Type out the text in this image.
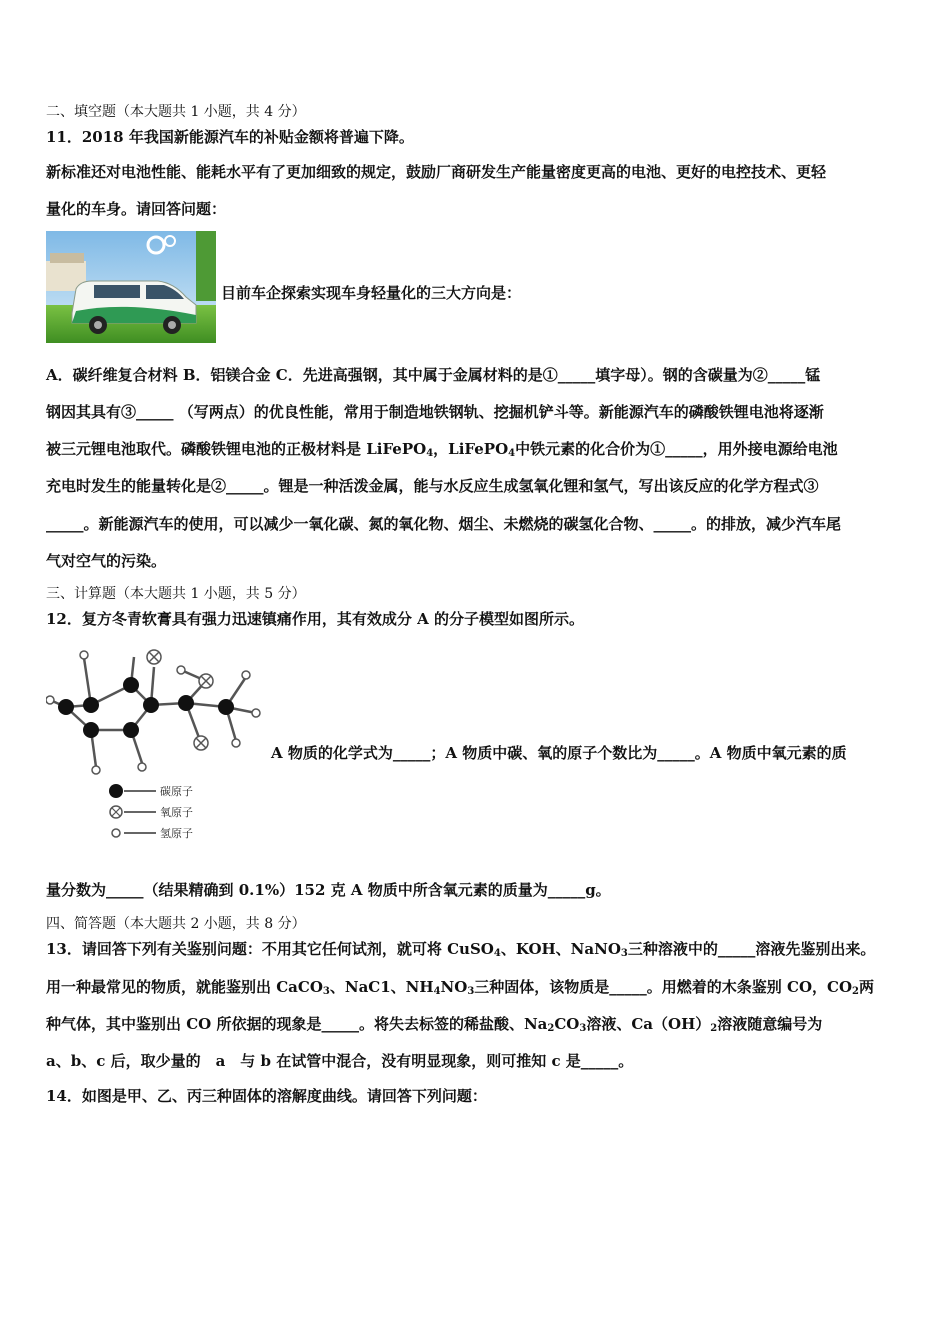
二、填空题（本大题共 1 小题，共 4 分）
11．2018 年我国新能源汽车的补贴金额将普遍下降。
新标准还对电池性能、能耗水平有了更加细致的规定，鼓励厂商研发生产能量密度更高的电池、更好的电控技术、更轻
量化的车身。请回答问题：
目前车企探索实现车身轻量化的三大方向是：
A．碳纤维复合材料 B．铝镁合金 C．先进高强钢，其中属于金属材料的是①_____填字母）。钢的含碳量为②_____锰
钢因其具有③_____ （写两点）的优良性能，常用于制造地铁钢轨、挖掘机铲斗等。新能源汽车的磷酸铁锂电池将逐渐
被三元锂电池取代。磷酸铁锂电池的正极材料是 LiFePO$_4$，LiFePO$_4$中铁元素的化合价为①_____，用外接电源给电池
充电时发生的能量转化是②_____。锂是一种活泼金属，能与水反应生成氢氧化锂和氢气，写出该反应的化学方程式③
_____。新能源汽车的使用，可以减少一氧化碳、氮的氧化物、烟尘、未燃烧的碳氢化合物、_____。的排放，减少汽车尾
气对空气的污染。
三、计算题（本大题共 1 小题，共 5 分）
12．复方冬青软膏具有强力迅速镇痛作用，其有效成分 A 的分子模型如图所示。
碳原子
氧原子
氢原子
A 物质的化学式为_____；A 物质中碳、氧的原子个数比为_____。A 物质中氧元素的质
量分数为_____（结果精确到 0.1%）152 克 A 物质中所含氧元素的质量为_____g。
四、简答题（本大题共 2 小题，共 8 分）
13．请回答下列有关鉴别问题：不用其它任何试剂，就可将 CuSO$_4$、KOH、NaNO$_3$三种溶液中的_____溶液先鉴别出来。
用一种最常见的物质，就能鉴别出 CaCO$_3$、NaC1、$NH_4NO_3$三种固体，该物质是_____。用燃着的木条鉴别 CO，$CO_2$两
种气体，其中鉴别出 CO 所依据的现象是_____。将失去标签的稀盐酸、$Na_2CO_3$溶液、$Ca(OH)_2$溶液随意编号为
a、b、c 后，取少量的　a　与 b 在试管中混合，没有明显现象，则可推知 c 是_____。
14．如图是甲、乙、丙三种固体的溶解度曲线。请回答下列问题：
